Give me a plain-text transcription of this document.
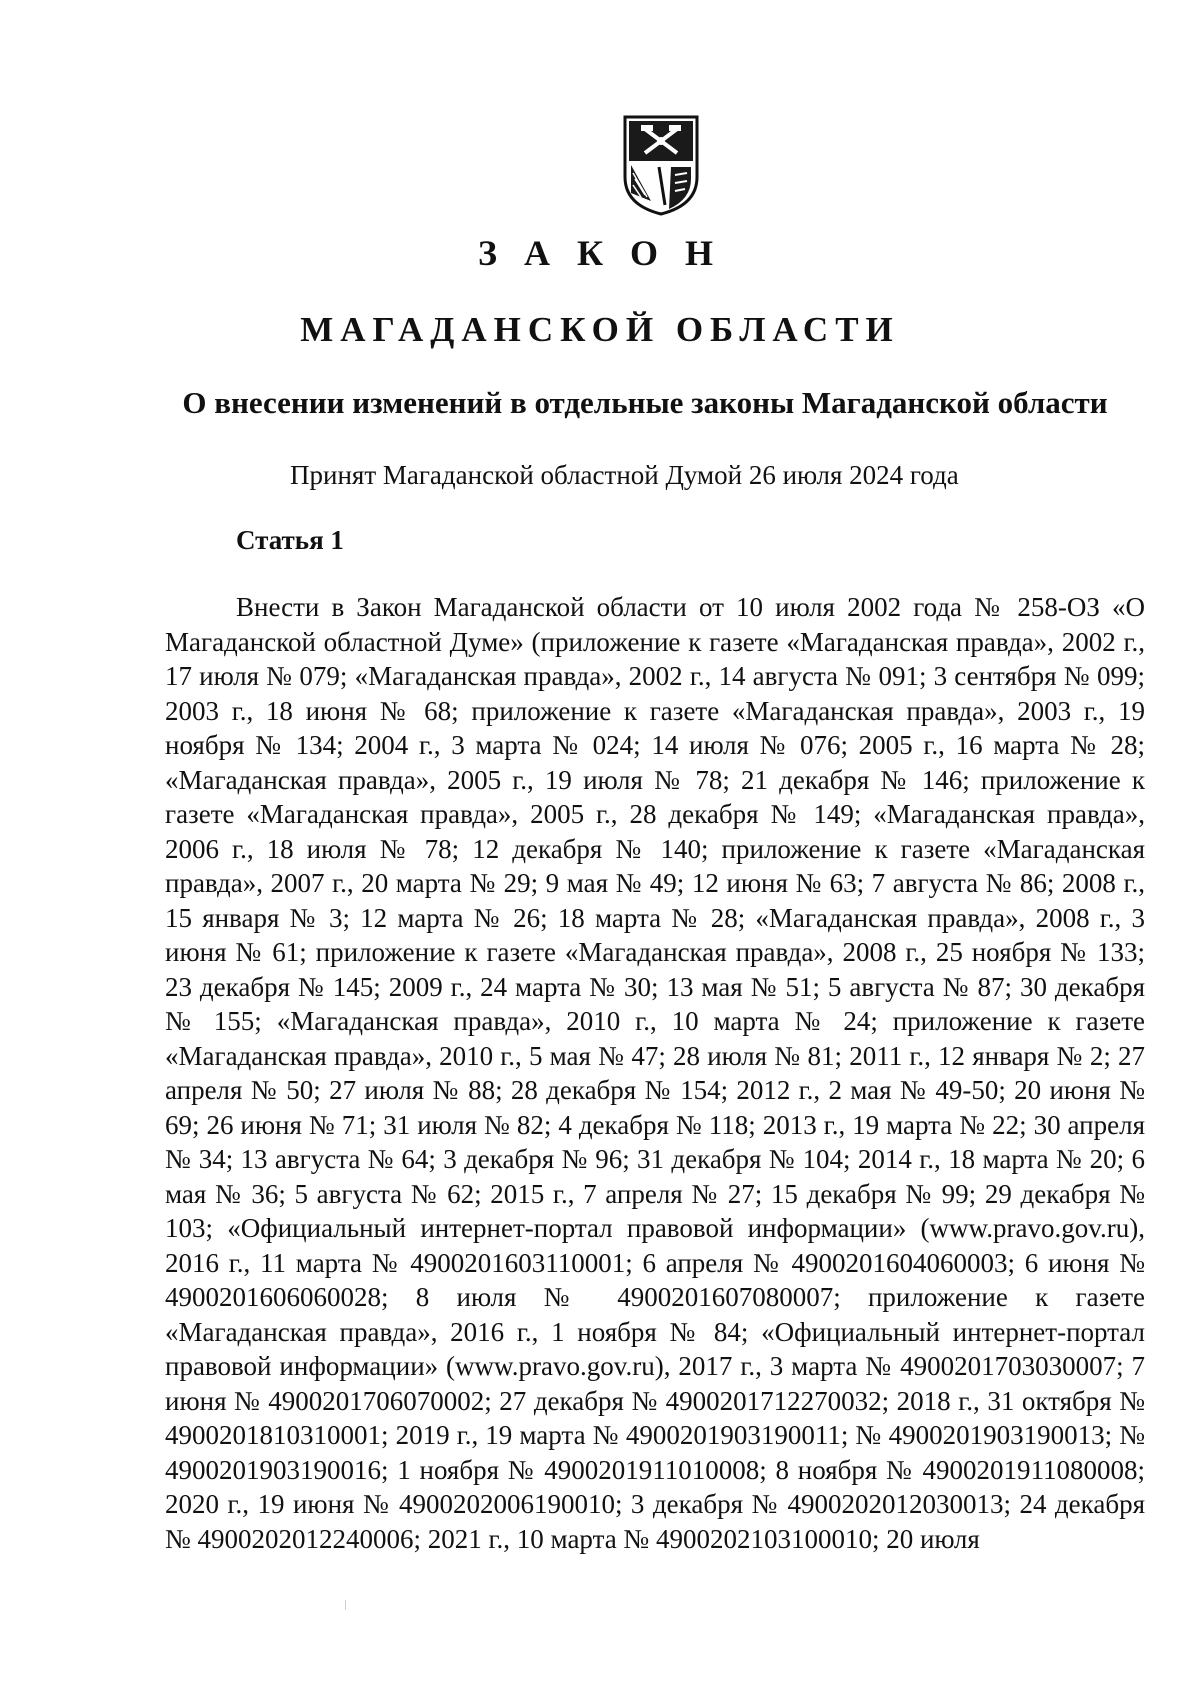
З А К О Н
МАГАДАНСКОЙ ОБЛАСТИ
О внесении изменений в отдельные законы Магаданской области
Принят Магаданской областной Думой 26 июля 2024 года
Статья 1

Внести в Закон Магаданской области от 10 июля 2002 года № 258-ОЗ «О Магаданской областной Думе» (приложение к газете «Магаданская правда», 2002 г., 17 июля № 079; «Магаданская правда», 2002 г., 14 августа № 091; 3 сентября № 099; 2003 г., 18 июня № 68; приложение к газете «Магаданская правда», 2003 г., 19 ноября № 134; 2004 г., 3 марта № 024; 14 июля № 076; 2005 г., 16 марта № 28; «Магаданская правда», 2005 г., 19 июля № 78; 21 декабря № 146; приложение к газете «Магаданская правда», 2005 г., 28 декабря № 149; «Магаданская правда», 2006 г., 18 июля № 78; 12 декабря № 140; приложение к газете «Магаданская правда», 2007 г., 20 марта № 29; 9 мая № 49; 12 июня № 63; 7 августа № 86; 2008 г., 15 января № 3; 12 марта № 26; 18 марта № 28; «Магаданская правда», 2008 г., 3 июня № 61; приложение к газете «Магаданская правда», 2008 г., 25 ноября № 133; 23 декабря № 145; 2009 г., 24 марта № 30; 13 мая № 51; 5 августа № 87; 30 декабря № 155; «Магаданская правда», 2010 г., 10 марта № 24; приложение к газете «Магаданская правда», 2010 г., 5 мая № 47; 28 июля № 81; 2011 г., 12 января № 2; 27 апреля № 50; 27 июля № 88; 28 декабря № 154; 2012 г., 2 мая № 49-50; 20 июня № 69; 26 июня № 71; 31 июля № 82; 4 декабря № 118; 2013 г., 19 марта № 22; 30 апреля № 34; 13 августа № 64; 3 декабря № 96; 31 декабря № 104; 2014 г., 18 марта № 20; 6 мая № 36; 5 августа № 62; 2015 г., 7 апреля № 27; 15 декабря № 99; 29 декабря № 103; «Официальный интернет-портал правовой информации» (www.pravo.gov.ru), 2016 г., 11 марта № 4900201603110001; 6 апреля № 4900201604060003; 6 июня № 4900201606060028; 8 июля № 4900201607080007; приложение к газете «Магаданская правда», 2016 г., 1 ноября № 84; «Официальный интернет-портал правовой информации» (www.pravo.gov.ru), 2017 г., 3 марта № 4900201703030007; 7 июня № 4900201706070002; 27 декабря № 4900201712270032; 2018 г., 31 октября № 4900201810310001; 2019 г., 19 марта № 4900201903190011; № 4900201903190013; № 4900201903190016; 1 ноября № 4900201911010008; 8 ноября № 4900201911080008; 2020 г., 19 июня № 4900202006190010; 3 декабря № 4900202012030013; 24 декабря № 4900202012240006; 2021 г., 10 марта № 4900202103100010; 20 июля
